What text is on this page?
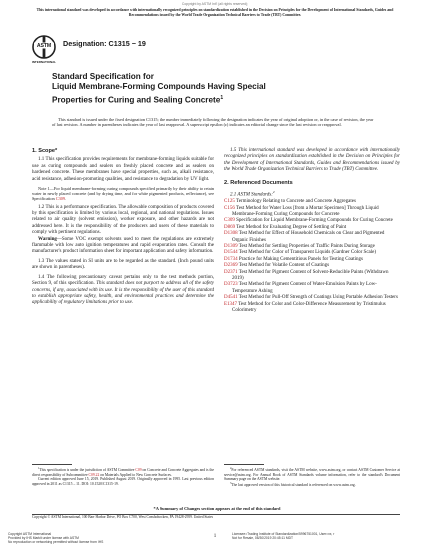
Copyright by ASTM Int'l (all rights reserved);
This international standard was developed in accordance with internationally recognized principles on standardization established in the Decision on Principles for the Development of International Standards, Guides and Recommendations issued by the World Trade Organization Technical Barriers to Trade (TBT) Committee.
ASTM
INTERNATIONAL
Designation: C1315 − 19
Standard Specification for
Liquid Membrane-Forming Compounds Having Special
Properties for Curing and Sealing Concrete$^1$
This standard is issued under the fixed designation C1315; the number immediately following the designation indicates the year of original adoption or, in the case of revision, the year of last revision. A number in parentheses indicates the year of last reapproval. A superscript epsilon (ε) indicates an editorial change since the last revision or reapproval.
1. Scope*

1.1 This specification provides requirements for membrane-forming liquids suitable for use as curing compounds and sealers on freshly placed concrete and as sealers on hardened concrete. These membranes have special properties, such as, alkali resistance, acid resistance, adhesion-promoting qualities, and resistance to degradation by UV light.

Note 1—For liquid membrane-forming curing compounds specified primarily by their ability to retain water in newly placed concrete (and by drying time, and for white pigmented products, reflectance), see Specification C309.

1.2 This is a performance specification. The allowable composition of products covered by this specification is limited by various local, regional, and national regulations. Issues related to air quality (solvent emission), worker exposure, and other hazards are not addressed here. It is the responsibility of the producers and users of these materials to comply with pertinent regulations.

Warning—Some VOC exempt solvents used to meet the regulations are extremely flammable with low auto ignition temperatures and rapid evaporation rates. Consult the manufacturer's product information sheet for important application and safety information.

1.3 The values stated in SI units are to be regarded as the standard. (Inch pound units are shown in parentheses).

1.4 The following precautionary caveat pertains only to the test methods portion, Section 9, of this specification. This standard does not purport to address all of the safety concerns, if any, associated with its use. It is the responsibility of the user of this standard to establish appropriate safety, health, and environmental practices and determine the applicability of regulatory limitations prior to use.

1.5 This international standard was developed in accordance with internationally recognized principles on standardization established in the Decision on Principles for the Development of International Standards, Guides and Recommendations issued by the World Trade Organization Technical Barriers to Trade (TBT) Committee.

2. Referenced Documents

2.1 ASTM Standards:$^2$

C125 Terminology Relating to Concrete and Concrete Aggregates

C156 Test Method for Water Loss [from a Mortar Specimen] Through Liquid Membrane-Forming Curing Compounds for Concrete

C309 Specification for Liquid Membrane-Forming Compounds for Curing Concrete

D869 Test Method for Evaluating Degree of Settling of Paint

D1308 Test Method for Effect of Household Chemicals on Clear and Pigmented Organic Finishes

D1309 Test Method for Settling Properties of Traffic Paints During Storage

D1544 Test Method for Color of Transparent Liquids (Gardner Color Scale)

D1734 Practice for Making Cementitious Panels for Testing Coatings

D2369 Test Method for Volatile Content of Coatings

D2371 Test Method for Pigment Content of Solvent-Reducible Paints (Withdrawn 2019)

D3723 Test Method for Pigment Content of Water-Emulsion Paints by Low-Temperature Ashing

D4541 Test Method for Pull-Off Strength of Coatings Using Portable Adhesion Testers

E1347 Test Method for Color and Color-Difference Measurement by Tristimulus Colorimetry

$^1$This specification is under the jurisdiction of ASTM Committee C09 on Concrete and Concrete Aggregates and is the direct responsibility of Subcommittee C09.22 on Materials Applied to New Concrete Surfaces.
Current edition approved June 15, 2019. Published August 2019. Originally approved in 1995. Last previous edition approved in 2011 as C1315 – 11. DOI: 10.1520/C1315-19.
$^2$For referenced ASTM standards, visit the ASTM website, www.astm.org, or contact ASTM Customer Service at service@astm.org. For Annual Book of ASTM Standards volume information, refer to the standard's Document Summary page on the ASTM website.
$^3$The last approved version of this historical standard is referenced on www.astm.org.
*A Summary of Changes section appears at the end of this standard
Copyright © ASTM International, 100 Barr Harbor Drive, PO Box C700, West Conshohocken, PA 19428-2959. United States
Copyright ASTM International
Provided by IHS Markit under license with ASTM
No reproduction or networking permitted without license from IHS
1	Licensee=Trading Institute of Standardization/5996751001, User=xx, r
Not for Resale, 08/30/2019 20:45:11 MDT
